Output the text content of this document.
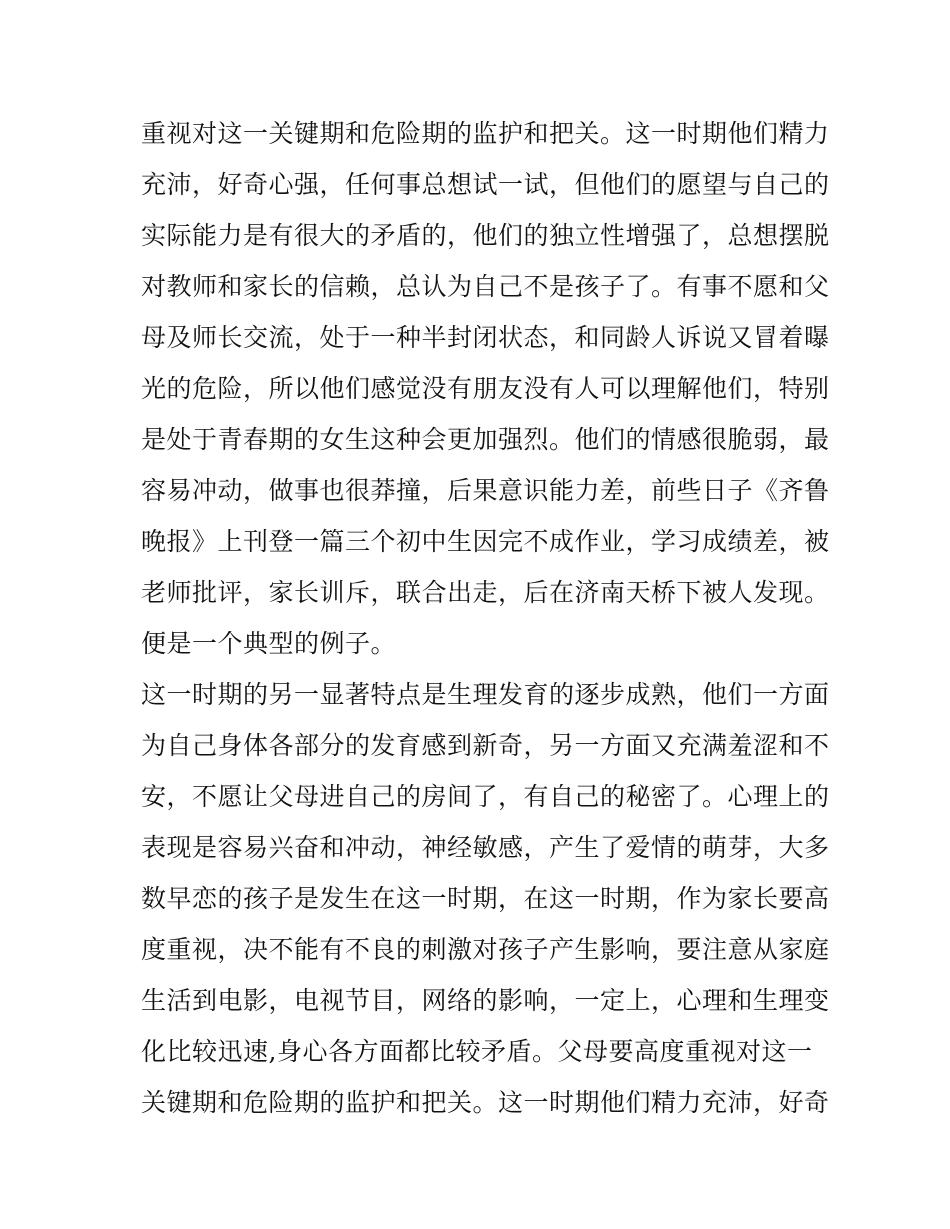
重视对这一关键期和危险期的监护和把关。这一时期他们精力
充沛，好奇心强，任何事总想试一试，但他们的愿望与自己的
实际能力是有很大的矛盾的，他们的独立性增强了，总想摆脱
对教师和家长的信赖，总认为自己不是孩子了。有事不愿和父
母及师长交流，处于一种半封闭状态，和同龄人诉说又冒着曝
光的危险，所以他们感觉没有朋友没有人可以理解他们，特别
是处于青春期的女生这种会更加强烈。他们的情感很脆弱，最
容易冲动，做事也很莽撞，后果意识能力差，前些日子《齐鲁
晚报》上刊登一篇三个初中生因完不成作业，学习成绩差，被
老师批评，家长训斥，联合出走，后在济南天桥下被人发现。
便是一个典型的例子。
这一时期的另一显著特点是生理发育的逐步成熟，他们一方面
为自己身体各部分的发育感到新奇，另一方面又充满羞涩和不
安，不愿让父母进自己的房间了，有自己的秘密了。心理上的
表现是容易兴奋和冲动，神经敏感，产生了爱情的萌芽，大多
数早恋的孩子是发生在这一时期，在这一时期，作为家长要高
度重视，决不能有不良的刺激对孩子产生影响，要注意从家庭
生活到电影，电视节目，网络的影响，一定上，心理和生理变
化比较迅速,身心各方面都比较矛盾。父母要高度重视对这一
关键期和危险期的监护和把关。这一时期他们精力充沛，好奇
